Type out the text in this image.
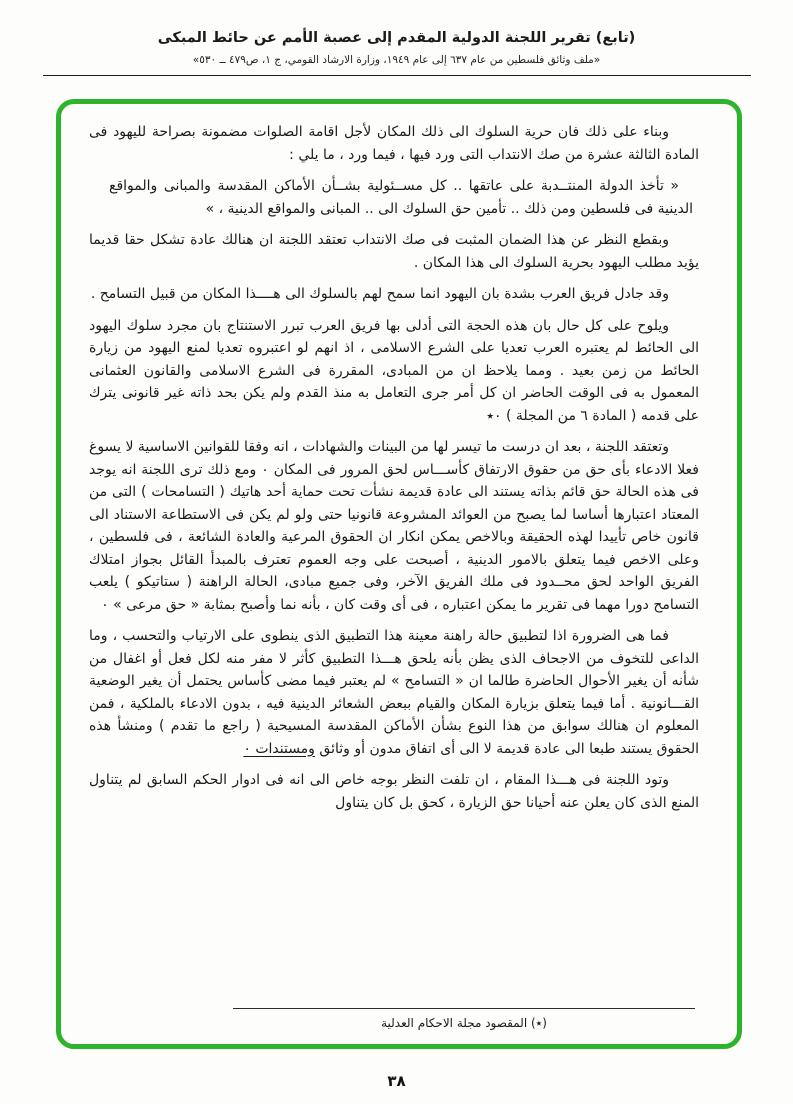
(تابع) تقرير اللجنة الدولية المقدم إلى عصبة الأمم عن حائط المبكى
«ملف وثائق فلسطين من عام ٦٣٧ إلى عام ١٩٤٩، وزارة الارشاد القومي، ج ١، ص٤٧٩ ــ ٥٣٠»

وبناء على ذلك فان حرية السلوك الى ذلك المكان لأجل اقامة الصلوات مضمونة بصراحة لليهود فى المادة الثالثة عشرة من صك الانتداب التى ورد فيها ، فيما ورد ، ما يلي :

« تأخذ الدولة المنتــدبة على عاتقها .. كل مســئولية بشــأن الأماكن المقدسة والمبانى والمواقع الدينية فى فلسطين ومن ذلك .. تأمين حق السلوك الى .. المبانى والمواقع الدينية ، »

وبقطع النظر عن هذا الضمان المثبت فى صك الانتداب تعتقد اللجنة ان هنالك عادة تشكل حقا قديما يؤيد مطلب اليهود بحرية السلوك الى هذا المكان .

وقد جادل فريق العرب بشدة بان اليهود انما سمح لهم بالسلوك الى هــــذا المكان من قبيل التسامح .

ويلوح على كل حال بان هذه الحجة التى أدلى بها فريق العرب تبرر الاستنتاج بان مجرد سلوك اليهود الى الحائط لم يعتبره العرب تعديا على الشرع الاسلامى ، اذ انهم لو اعتبروه تعديا لمنع اليهود من زيارة الحائط من زمن بعيد . ومما يلاحظ ان من المبادى، المقررة فى الشرع الاسلامى والقانون العثمانى المعمول به فى الوقت الحاضر ان كل أمر جرى التعامل به منذ القدم ولم يكن بحد ذاته غير قانونى يترك على قدمه ( المادة ٦ من المجلة ) ۰٭

وتعتقد اللجنة ، بعد ان درست ما تيسر لها من البينات والشهادات ، انه وفقا للقوانين الاساسية لا يسوغ فعلا الادعاء بأى حق من حقوق الارتفاق كأســـاس لحق المرور فى المكان ۰ ومع ذلك ترى اللجنة انه يوجد فى هذه الحالة حق قائم بذاته يستند الى عادة قديمة نشأت تحت حماية أحد هاتيك ( التسامحات ) التى من المعتاد اعتبارها أساسا لما يصبح من العوائد المشروعة قانونيا حتى ولو لم يكن فى الاستطاعة الاستناد الى قانون خاص تأييدا لهذه الحقيقة وبالاخص يمكن انكار ان الحقوق المرعية والعادة الشائعة ، فى فلسطين ، وعلى الاخص فيما يتعلق بالامور الدينية ، أصبحت على وجه العموم تعترف بالمبدأ القائل بجواز امتلاك الفريق الواحد لحق محــدود فى ملك الفريق الآخر، وفى جميع مبادى، الحالة الراهنة ( ستاتيكو ) يلعب التسامح دورا مهما فى تقرير ما يمكن اعتباره ، فى أى وقت كان ، بأنه نما وأصبح بمثابة « حق مرعى » ۰

فما هى الضرورة اذا لتطبيق حالة راهنة معينة هذا التطبيق الذى ينطوى على الارتياب والتحسب ، وما الداعى للتخوف من الاجحاف الذى يظن بأنه يلحق هـــذا التطبيق كأثر لا مفر منه لكل فعل أو اغفال من شأنه أن يغير الأحوال الحاضرة طالما ان « التسامح » لم يعتبر فيما مضى كأساس يحتمل أن يغير الوضعية القـــانونية . أما فيما يتعلق بزيارة المكان والقيام ببعض الشعائر الدينية فيه ، بدون الادعاء بالملكية ، فمن المعلوم ان هنالك سوابق من هذا النوع بشأن الأماكن المقدسة المسيحية ( راجع ما تقدم ) ومنشأ هذه الحقوق يستند طبعا الى عادة قديمة لا الى أى اتفاق مدون أو وثائق ومستندات ۰

وتود اللجنة فى هـــذا المقام ، ان تلفت النظر بوجه خاص الى انه فى ادوار الحكم السابق لم يتناول المنع الذى كان يعلن عنه أحيانا حق الزيارة ، كحق بل كان يتناول

(٭) المقصود مجلة الاحكام العدلية
٣٨
